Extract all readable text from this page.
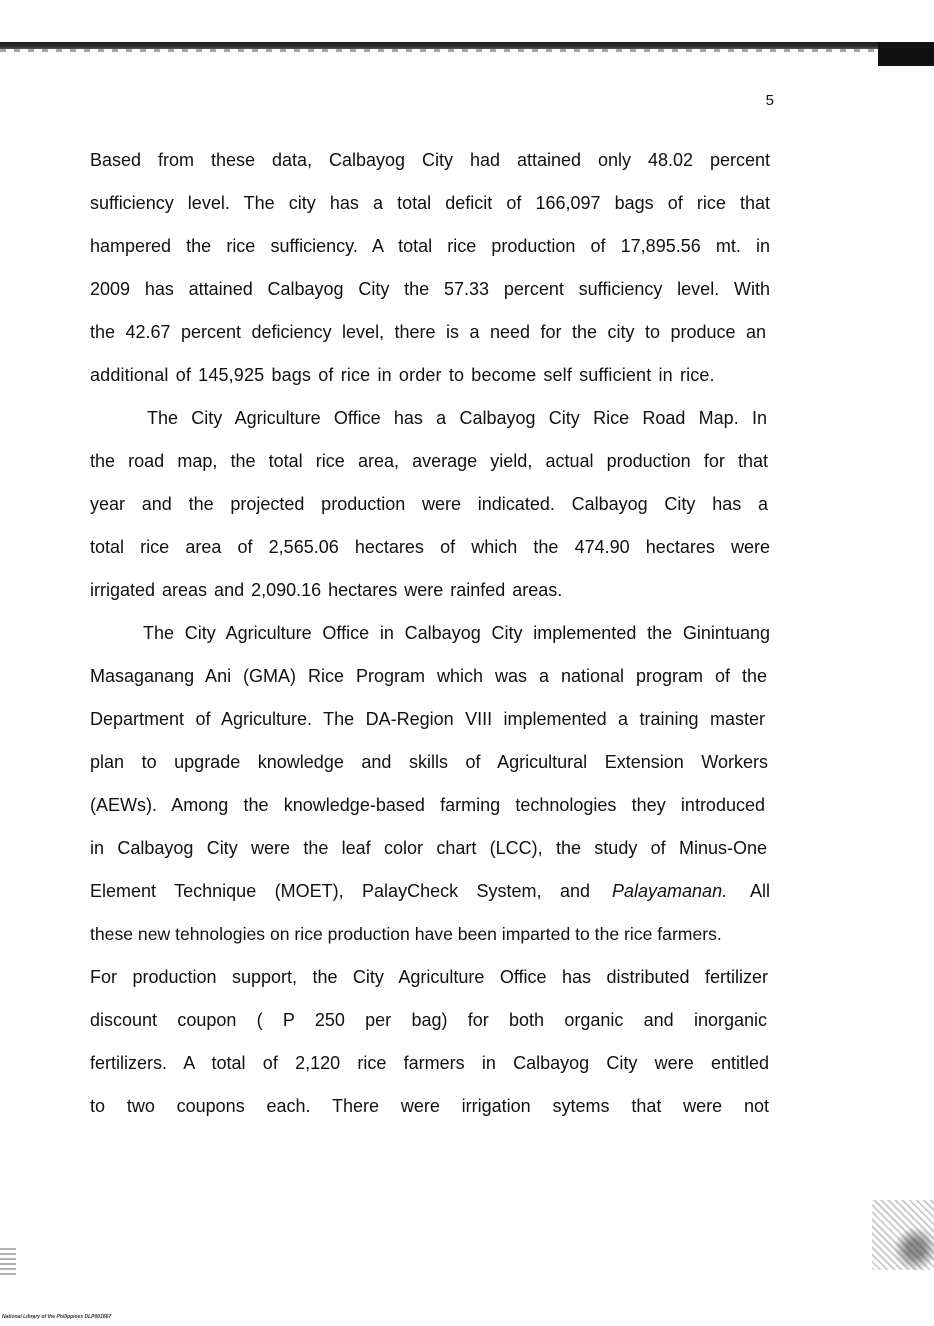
5
Based from these data, Calbayog City had attained only 48.02 percent
sufficiency level. The city has a total deficit of 166,097 bags of rice that
hampered the rice sufficiency. A total rice production of 17,895.56 mt. in
2009 has attained Calbayog City the 57.33 percent sufficiency level. With
the 42.67 percent deficiency level, there is a need for the city to produce an
additional of 145,925 bags of rice in order to become self sufficient in rice.
The City Agriculture Office has a Calbayog City Rice Road Map. In
the road map, the total rice area, average yield, actual production for that
year and the projected production were indicated. Calbayog City has a
total rice area of 2,565.06 hectares of which the 474.90 hectares were
irrigated areas and 2,090.16 hectares were rainfed areas.
The City Agriculture Office in Calbayog City implemented the Ginintuang
Masaganang Ani (GMA) Rice Program which was a national program of the
Department of Agriculture. The DA-Region VIII implemented a training master
plan to upgrade knowledge and skills of Agricultural Extension Workers
(AEWs). Among the knowledge-based farming technologies they introduced
in Calbayog City were the leaf color chart (LCC), the study of Minus-One
Element Technique (MOET), PalayCheck System, and Palayamanan. All
these new tehnologies on rice production have been imparted to the rice farmers.
For production support, the City Agriculture Office has distributed fertilizer
discount coupon ( P 250 per bag) for both organic and inorganic
fertilizers. A total of 2,120 rice farmers in Calbayog City were entitled
to two coupons each. There were irrigation sytems that were not
National Library of the Philippines DLP001667
